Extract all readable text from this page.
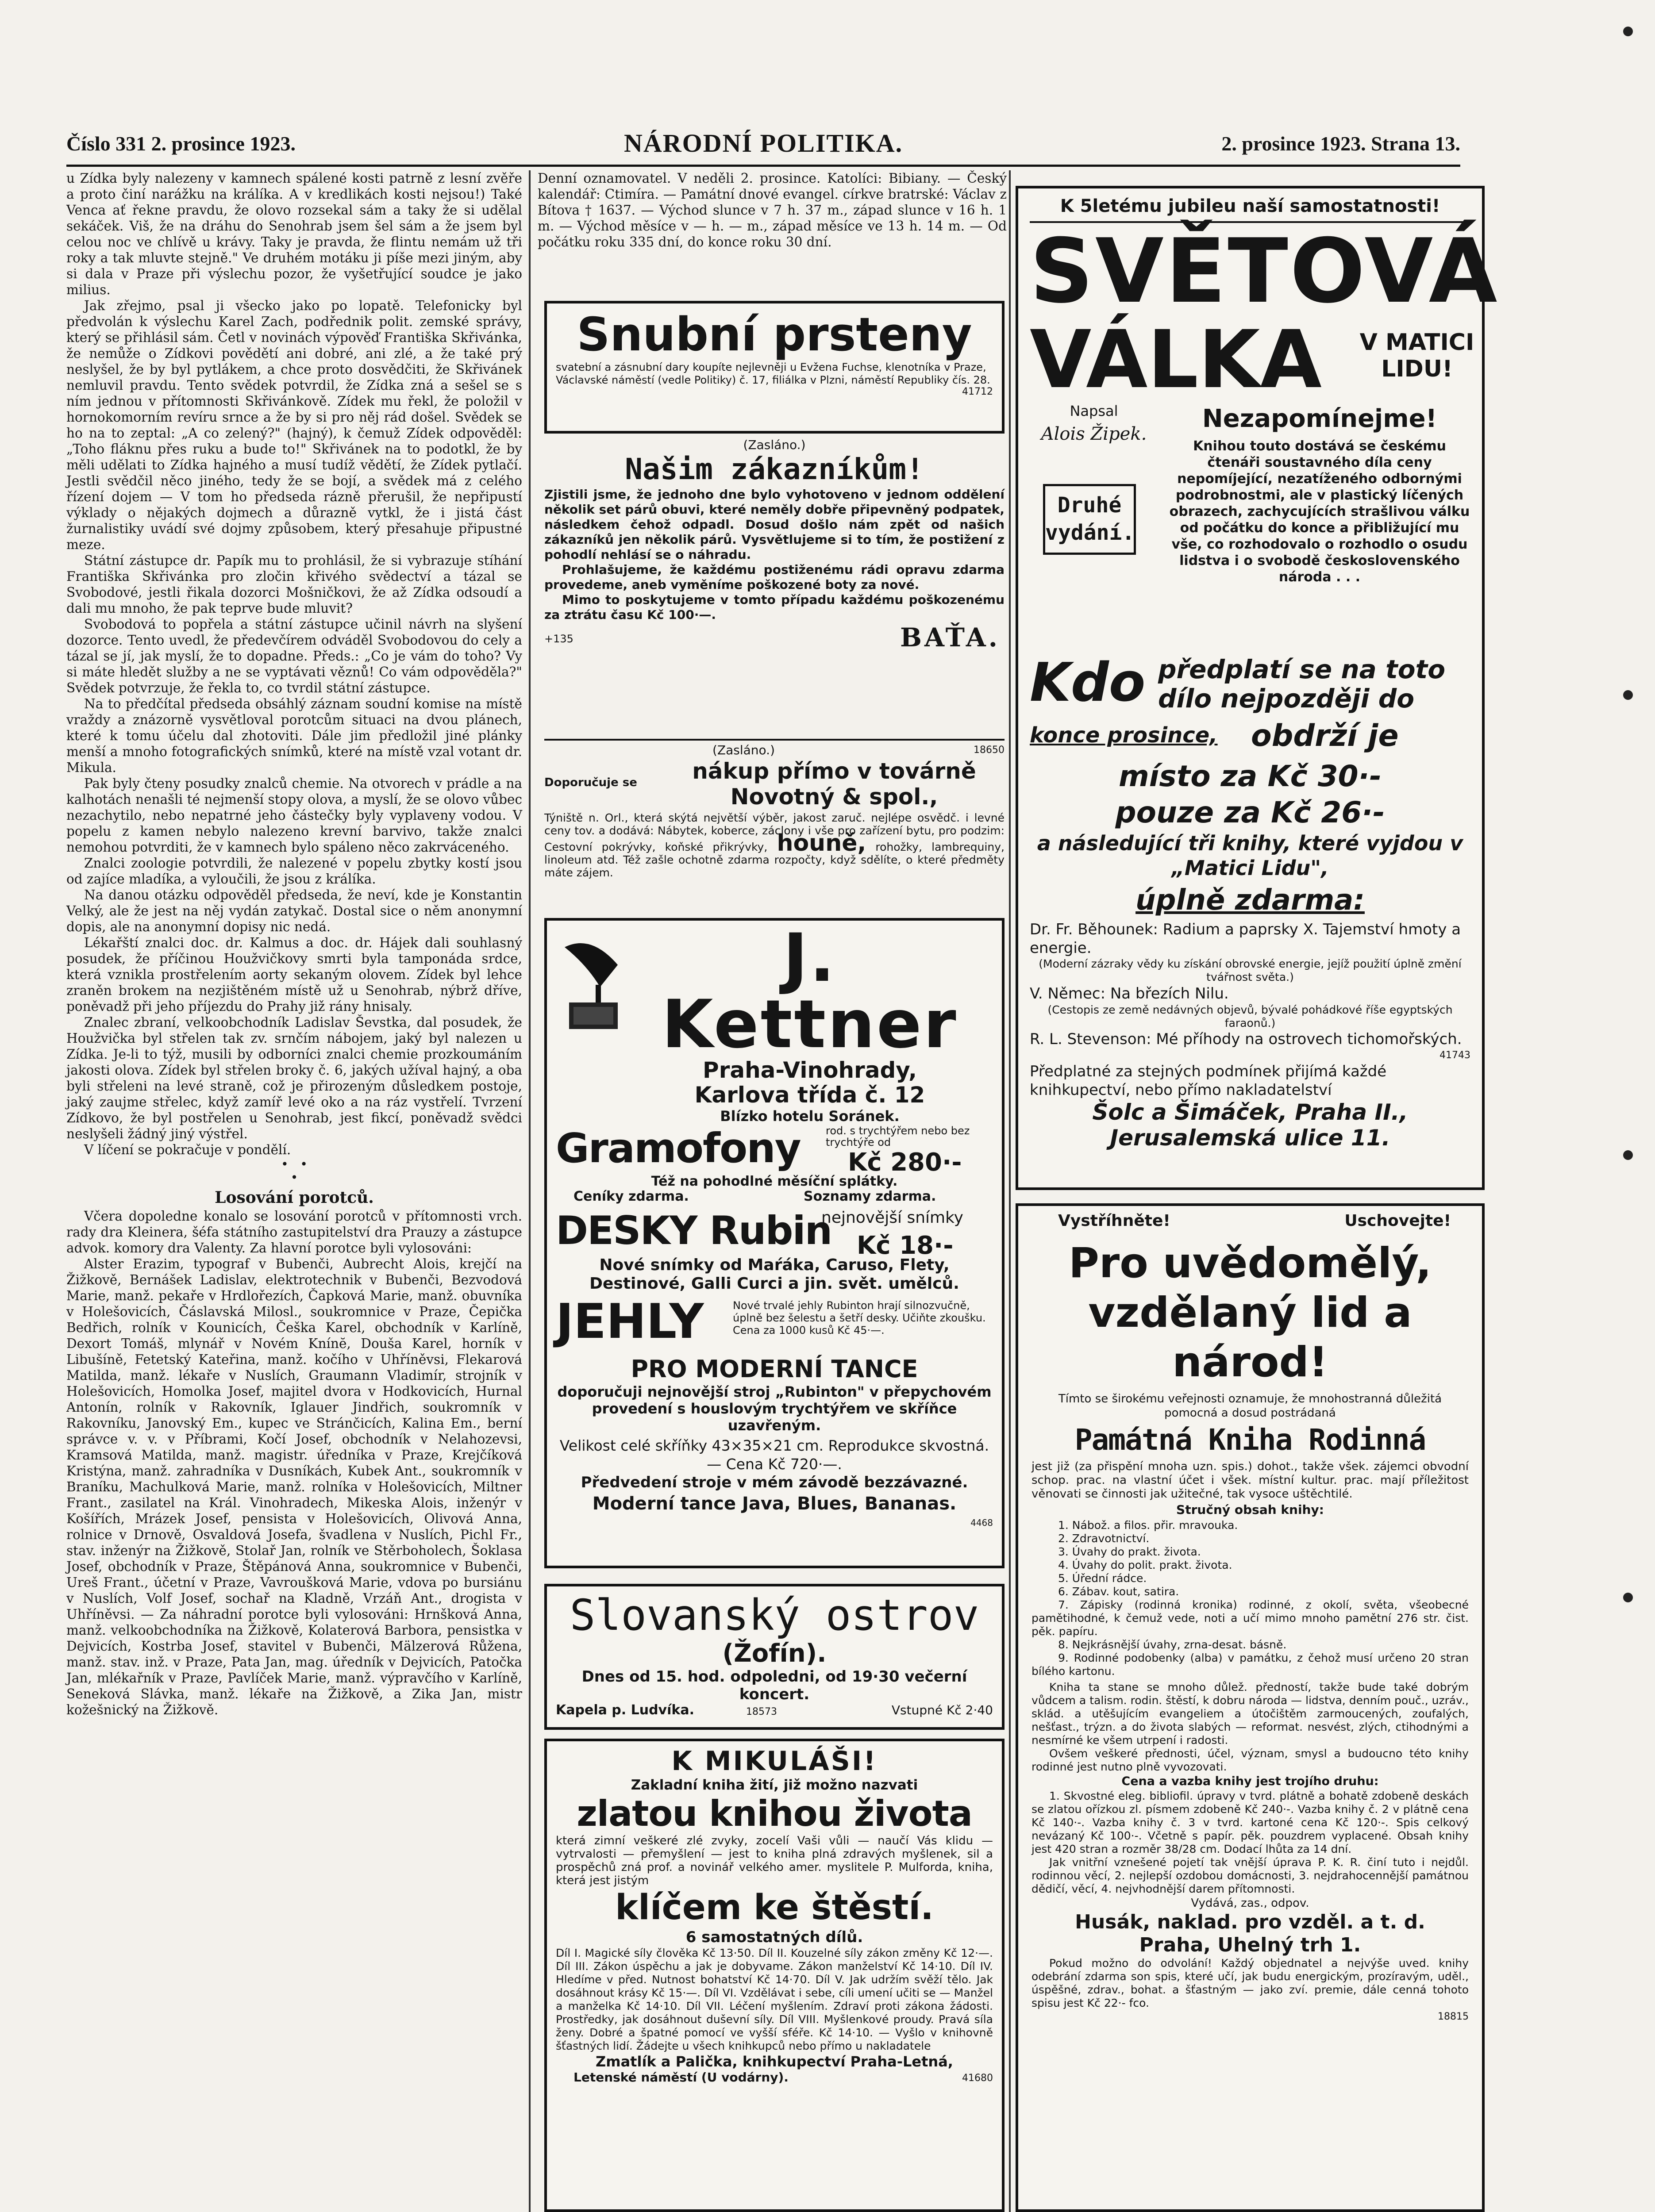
Číslo 331 2. prosince 1923.	NÁRODNÍ POLITIKA.	2. prosince 1923. Strana 13.

u Zídka byly nalezeny v kamnech spálené kosti patrně z lesní zvěře a proto činí narážku na králíka. A v kredlikách kosti nejsou!) Také Venca ať řekne pravdu, že olovo rozsekal sám a taky že si udělal sekáček. Viš, že na dráhu do Senohrab jsem šel sám a že jsem byl celou noc ve chlívě u krávy. Taky je pravda, že flintu nemám už tři roky a tak mluvte stejně." Ve druhém motáku ji píše mezi jiným, aby si dala v Praze při výslechu pozor, že vyšetřující soudce je jako milius.

Jak zřejmo, psal ji všecko jako po lopatě. Telefonicky byl předvolán k výslechu Karel Zach, podřednik polit. zemské správy, který se přihlásil sám. Četl v novinách výpověď Františka Skřivánka, že nemůže o Zídkovi povědětí ani dobré, ani zlé, a že také prý neslyšel, že by byl pytlákem, a chce proto dosvědčiti, že Skřivánek nemluvil pravdu. Tento svědek potvrdil, že Zídka zná a sešel se s ním jednou v přítomnosti Skřivánkově. Zídek mu řekl, že položil v hornokomorním revíru srnce a že by si pro něj rád došel. Svědek se ho na to zeptal: „A co zelený?" (hajný), k čemuž Zídek odpověděl: „Toho fláknu přes ruku a bude to!" Skřivánek na to podotkl, že by měli udělati to Zídka hajného a musí tudíž vědětí, že Zídek pytlačí. Jestli svědčil něco jiného, tedy že se bojí, a svědek má z celého řízení dojem — V tom ho předseda rázně přerušil, že nepřipustí výklady o nějakých dojmech a důrazně vytkl, že i jistá část žurnalistiky uvádí své dojmy způsobem, který přesahuje připustné meze.

Státní zástupce dr. Papík mu to prohlásil, že si vybrazuje stíhání Františka Skřivánka pro zločin křivého svědectví a tázal se Svobodové, jestli řikala dozorci Mošničkovi, že až Zídka odsoudí a dali mu mnoho, že pak teprve bude mluvit?

Svobodová to popřela a státní zástupce učinil návrh na slyšení dozorce. Tento uvedl, že předevčírem odváděl Svobodovou do cely a tázal se jí, jak myslí, že to dopadne. Předs.: „Co je vám do toho? Vy si máte hledět služby a ne se vyptávati věznů! Co vám odpověděla?" Svědek potvrzuje, že řekla to, co tvrdil státní zástupce.

Na to předčítal předseda obsáhlý záznam soudní komise na místě vraždy a znázorně vysvětloval porotcům situaci na dvou plánech, které k tomu účelu dal zhotoviti. Dále jim předložil jiné plánky menší a mnoho fotografických snímků, které na místě vzal votant dr. Mikula.

Pak byly čteny posudky znalců chemie. Na otvorech v prádle a na kalhotách nenašli té nejmenší stopy olova, a myslí, že se olovo vůbec nezachytilo, nebo nepatrné jeho částečky byly vyplaveny vodou. V popelu z kamen nebylo nalezeno krevní barvivo, takže znalci nemohou potvrditi, že v kamnech bylo spáleno něco zakrváceného.

Znalci zoologie potvrdili, že nalezené v popelu zbytky kostí jsou od zajíce mladíka, a vyloučili, že jsou z králíka.

Na danou otázku odpověděl předseda, že neví, kde je Konstantin Velký, ale že jest na něj vydán zatykač. Dostal sice o něm anonymní dopis, ale na anonymní dopisy nic nedá.

Lékařští znalci doc. dr. Kalmus a doc. dr. Hájek dali souhlasný posudek, že příčinou Houžvičkovy smrti byla tamponáda srdce, která vznikla prostřelením aorty sekaným olovem. Zídek byl lehce zraněn brokem na nezjištěném místě už u Senohrab, nýbrž dříve, poněvadž při jeho příjezdu do Prahy již rány hnisaly.

Znalec zbraní, velkoobchodník Ladislav Ševstka, dal posudek, že Houžvička byl střelen tak zv. srnčím nábojem, jaký byl nalezen u Zídka. Je-li to týž, musili by odborníci znalci chemie prozkoumáním jakosti olova. Zídek byl střelen broky č. 6, jakých užíval hajný, a oba byli střeleni na levé straně, což je přirozeným důsledkem postoje, jaký zaujme střelec, když zamíř levé oko a na ráz vystřelí. Tvrzení Zídkovo, že byl postřelen u Senohrab, jest fikcí, poněvadž svědci neslyšeli žádný jiný výstřel.

V líčení se pokračuje v pondělí.

•   •
•
Losování porotců.

Včera dopoledne konalo se losování porotců v přítomnosti vrch. rady dra Kleinera, šéfa státního zastupitelství dra Prauzy a zástupce advok. komory dra Valenty. Za hlavní porotce byli vylosováni:

Alster Erazim, typograf v Bubenči, Aubrecht Alois, krejčí na Žižkově, Bernášek Ladislav, elektrotechnik v Bubenči, Bezvodová Marie, manž. pekaře v Hrdlořezích, Čapková Marie, manž. obuvníka v Holešovicích, Čáslavská Milosl., soukromnice v Praze, Čepička Bedřich, rolník v Kounicích, Češka Karel, obchodník v Karlíně, Dexort Tomáš, mlynář v Novém Knínĕ, Douša Karel, horník v Libušíně, Fetetský Kateřina, manž. kočího v Uhříněvsi, Flekarová Matilda, manž. lékaře v Nuslích, Graumann Vladimír, strojník v Holešovicích, Homolka Josef, majitel dvora v Hodkovicích, Hurnal Antonín, rolník v Rakovník, Iglauer Jindřich, soukromník v Rakovníku, Janovský Em., kupec ve Stránčicích, Kalina Em., berní správce v. v. v Příbrami, Kočí Josef, obchodník v Nelahozevsi, Kramsová Matilda, manž. magistr. úředníka v Praze, Krejčíková Kristýna, manž. zahradníka v Dusníkách, Kubek Ant., soukromník v Braníku, Machulková Marie, manž. rolníka v Holešovicích, Miltner Frant., zasilatel na Král. Vinohradech, Mikeska Alois, inženýr v Košířích, Mrázek Josef, pensista v Holešovicích, Olivová Anna, rolnice v Drnově, Osvaldová Josefa, švadlena v Nuslích, Pichl Fr., stav. inženýr na Žižkově, Stolař Jan, rolník ve Stěrboholech, Šoklasa Josef, obchodník v Praze, Štěpánová Anna, soukromnice v Bubenči, Ureš Frant., účetní v Praze, Vavroušková Marie, vdova po bursiánu v Nuslích, Volf Josef, sochař na Kladně, Vrzáň Ant., drogista v Uhříněvsi. — Za náhradní porotce byli vylosováni: Hrnšková Anna, manž. velkoobchodníka na Žižkově, Kolaterová Barbora, pensistka v Dejvicích, Kostrba Josef, stavitel v Bubenči, Mälzerová Růžena, manž. stav. inž. v Praze, Pata Jan, mag. úředník v Dejvicích, Patočka Jan, mlékařník v Praze, Pavlíček Marie, manž. výpravčího v Karlíně, Seneková Slávka, manž. lékaře na Žižkově, a Zika Jan, mistr kožešnický na Žižkově.

Denní oznamovatel. V neděli 2. prosince. Katolíci: Bibiany. — Český kalendář: Ctimíra. — Památní dnové evangel. církve bratrské: Václav z Bítova † 1637. — Východ slunce v 7 h. 37 m., západ slunce v 16 h. 1 m. — Východ měsíce v — h. — m., západ měsíce ve 13 h. 14 m. — Od počátku roku 335 dní, do konce roku 30 dní.

Snubní prsteny
svatební a zásnubní dary koupíte nejlevněji u Evžena Fuchse, klenotníka v Praze, Václavské náměstí (vedle Politiky) č. 17, filiálka v Plzni, náměstí Republiky čís. 28.
41712
(Zasláno.)
Našim zákazníkům!
Zjistili jsme, že jednoho dne bylo vyhotoveno v jednom oddělení několik set párů obuvi, které neměly dobře připevněný podpatek, následkem čehož odpadl. Dosud došlo nám zpět od našich zákazníků jen několik párů. Vysvětlujeme si to tím, že postižení z pohodlí nehlásí se o náhradu.
Prohlašujeme, že každému postiženému rádi opravu zdarma provedeme, aneb vyměníme poškozené boty za nové.
Mimo to poskytujeme v tomto případu každému poškozenému za ztrátu času Kč 100·—.
+135	BAŤA.
(Zasláno.)	18650
Doporučuje se	nákup přímo v továrně Novotný & spol.,
Týniště n. Orl., která skýtá největší výběr, jakost zaruč. nejlépe osvědč. i levné ceny tov. a dodává: Nábytek, koberce, záclony i vše pro zařízení bytu, pro podzim: Cestovní pokrývky, koňské přikrývky, houně, rohožky, lambrequiny, linoleum atd. Též zašle ochotně zdarma rozpočty, když sdělíte, o které předměty máte zájem.
J. Kettner
Praha-Vinohrady,
Karlova třída č. 12
Blízko hotelu Soránek.
Gramofony rod. s trychtýřem nebo bez trychtýře od
Kč 280·-
Též na pohodlné měsíční splátky.
Ceníky zdarma.	Soznamy zdarma.
DESKY Rubin
nejnovější snímky
Kč 18·-
Nové snímky od Maŕáka, Caruso, Flety, Destinové, Galli Curci a jin. svět. umělců.
JEHLY	Nové trvalé jehly Rubinton hrají silnozvučně, úplně bez šelestu a šetří desky. Učiňte zkoušku. Cena za 1000 kusů Kč 45·—.
PRO MODERNÍ TANCE
doporučuji nejnovější stroj „Rubinton" v přepychovém provedení s houslovým trychtýřem ve skříňce uzavřeným.
Velikost celé skříňky 43×35×21 cm. Reprodukce skvostná. — Cena Kč 720·—.
Předvedení stroje v mém závodě bezzávazné.
Moderní tance Java, Blues, Bananas.
4468
Slovanský ostrov
(Žofín).
Dnes od 15. hod. odpoledni, od 19·30 večerní koncert.
Kapela p. Ludvíka.	18573	Vstupné Kč 2·40
K MIKULÁŠI!
Zakladní kniha žití, již možno nazvati
zlatou knihou života
která zimní veškeré zlé zvyky, zocelí Vaši vůli — naučí Vás klidu — vytrvalosti — přemyšlení — jest to kniha plná zdravých myšlenek, sil a prospěchů zná prof. a novinář velkého amer. myslitele P. Mulforda, kniha, která jest jistým
klíčem ke štěstí.
6 samostatných dílů.
Díl I. Magické síly člověka Kč 13·50. Díl II. Kouzelné síly zákon změny Kč 12·—. Díl III. Zákon úspěchu a jak je dobyvame. Zákon manželství Kč 14·10. Díl IV. Hledíme v před. Nutnost bohatství Kč 14·70. Díl V. Jak udržím svěží tělo. Jak dosáhnout krásy Kč 15·—. Díl VI. Vzdělávat i sebe, cíli umení učiti se — Manžel a manželka Kč 14·10. Díl VII. Léčení myšlením. Zdraví proti zákona žádosti. Prostředky, jak dosáhnout duševní síly. Díl VIII. Myšlenkové proudy. Pravá síla ženy. Dobré a špatné pomocí ve vyšší sféře. Kč 14·10. — Vyšlo v knihovně šťastných lidí. Žádejte u všech knihkupců nebo přímo u nakladatele
Zmatlík a Palička, knihkupectví Praha-Letná,
Letenské náměstí (U vodárny).	41680
K 5letému jubileu naší samostatnosti!
SVĚTOVÁ
VÁLKA V MATICI LIDU!
Napsal
Alois Žipek.
Druhé vydání.
Nezapomínejme!
Knihou touto dostává se českému čtenáři soustavného díla ceny nepomíjející, nezatíženého odbornými podrobnostmi, ale v plastický líčených obrazech, zachycujících strašlivou válku od počátku do konce a přibližující mu vše, co rozhodovalo o rozhodlo o osudu lidstva i o svobodě československého národa . . .
Kdo předplatí se na toto dílo nejpozději do
konce prosince, obdrží je
místo za Kč 30·-
pouze za Kč 26·-
a následující tři knihy, které vyjdou v „Matici Lidu",
úplně zdarma:
Dr. Fr. Běhounek: Radium a paprsky X. Tajemství hmoty a energie.
(Moderní zázraky vědy ku získání obrovské energie, jejíž použití úplně změní tvářnost světa.)
V. Němec: Na březích Nilu.
(Cestopis ze země nedávných objevů, bývalé pohádkové říše egyptských faraonů.)
R. L. Stevenson: Mé příhody na ostrovech tichomořských.
41743
Předplatné za stejných podmínek přijímá každé knihkupectví, nebo přímo nakladatelství
Šolc a Šimáček, Praha II., Jerusalemská ulice 11.
Vystříhněte!	Uschovejte!
Pro uvědomělý, vzdělaný lid a národ!
Tímto se širokému veřejnosti oznamuje, že mnohostranná důležitá pomocná a dosud postrádaná
Památná Kniha Rodinná
jest již (za přispění mnoha uzn. spis.) dohot., takže všek. zájemci obvodní schop. prac. na vlastní účet i všek. místní kultur. prac. mají příležitost věnovati se činnosti jak užitečné, tak vysoce uštěchtilé.
Stručný obsah knihy:
1. Nábož. a filos. přir. mravouka.
2. Zdravotnictví.
3. Úvahy do prakt. života.
4. Úvahy do polit. prakt. života.
5. Úřední rádce.
6. Zábav. kout, satira.
7. Zápisky (rodinná kronika) rodinné, z okolí, světa, všeobecné pamětihodné, k čemuž vede, noti a učí mimo mnoho pamětní 276 str. čist. pěk. papíru.
8. Nejkrásnější úvahy, zrna-desat. básně.
9. Rodinné podobenky (alba) v památku, z čehož musí určeno 20 stran bílého kartonu.
Kniha ta stane se mnoho důlež. předností, takže bude také dobrým vůdcem a talism. rodin. štěstí, k dobru národa — lidstva, denním pouč., uzráv., sklád. a utěšujícím evangeliem a útočištěm zarmoucených, zoufalých, nešťast., trýzn. a do života slabých — reformat. nesvést, zlých, ctihodnými a nesmírné ke všem utrpení i radosti.
Ovšem veškeré přednosti, účel, význam, smysl a budoucno této knihy rodinné jest nutno plně vyvozovati.
Cena a vazba knihy jest trojího druhu:
1. Skvostné eleg. bibliofil. úpravy v tvrd. plátně a bohatě zdobeně deskách se zlatou ořízkou zl. písmem zdobeně Kč 240·-. Vazba knihy č. 2 v plátně cena Kč 140·-. Vazba knihy č. 3 v tvrd. kartoné cena Kč 120·-. Spis celkový nevázaný Kč 100·-. Včetně s papír. pěk. pouzdrem vyplacené. Obsah knihy jest 420 stran a rozměr 38/28 cm. Dodací lhůta za 14 dní.
Jak vnitřní vznešené pojetí tak vnější úprava P. K. R. činí tuto i nejdůl. rodinnou věcí, 2. nejlepší ozdobou domácnosti, 3. nejdrahocennější památnou dědičí, věcí, 4. nejvhodnější darem přítomnosti.
Vydává, zas., odpov.
Husák, naklad. pro vzděl. a t. d.
Praha, Uhelný trh 1.
Pokud možno do odvolání! Každý objednatel a nejvýše uved. knihy odebrání zdarma son spis, které učí, jak budu energickým, prozíravým, uděl., úspěšné, zdrav., bohat. a šťastným — jako zví. premie, dále cenná tohoto spisu jest Kč 22·- fco.
18815
